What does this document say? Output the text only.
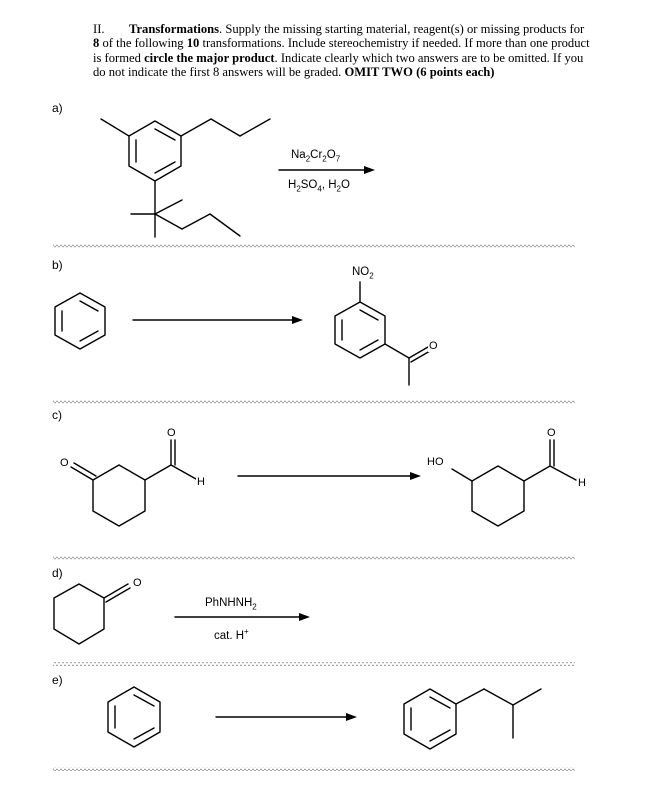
II. Transformations. Supply the missing starting material, reagent(s) or missing products for 8 of the following 10 transformations. Include stereochemistry if needed. If more than one product is formed circle the major product. Indicate clearly which two answers are to be omitted. If you do not indicate the first 8 answers will be graded. OMIT TWO (6 points each)
a)
b)
c)
d)
e)
$Na_2Cr_2O_7$
$H_2SO_4$, $H_2O$
$NO_2$
O
O
O
H
HO
O
H
O
PhNHNH$_2$
cat. H+
